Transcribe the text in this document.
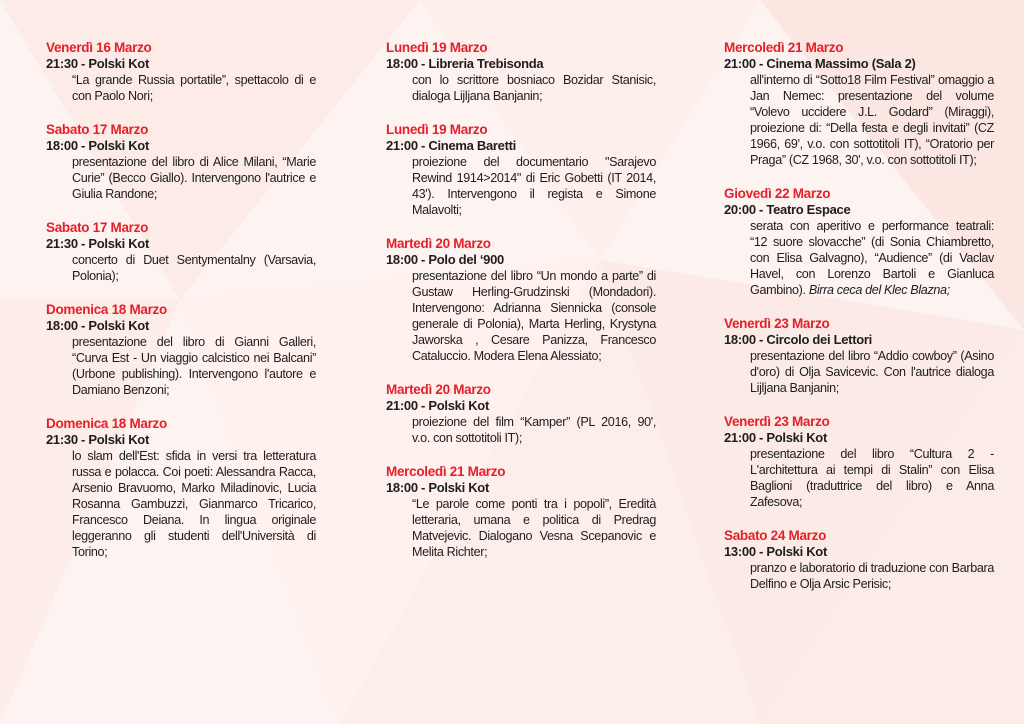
Venerdì 16 Marzo
21:30 - Polski Kot
“La grande Russia portatile”, spettacolo di e con Paolo Nori;
Sabato 17 Marzo
18:00 - Polski Kot
presentazione del libro di Alice Milani, “Marie Curie” (Becco Giallo). Intervengono l'autrice e Giulia Randone;
Sabato 17 Marzo
21:30 - Polski Kot
concerto di Duet Sentymentalny (Varsavia, Polonia);
Domenica 18 Marzo
18:00 - Polski Kot
presentazione del libro di Gianni Galleri, “Curva Est - Un viaggio calcistico nei Balcani” (Urbone publishing). Intervengono l'autore e Damiano Benzoni;
Domenica 18 Marzo
21:30 - Polski Kot
lo slam dell'Est: sfida in versi tra letteratura russa e polacca. Coi poeti: Alessandra Racca, Arsenio Bravuomo, Marko Miladinovic, Lucia Rosanna Gambuzzi, Gianmarco Tricarico, Francesco Deiana. In lingua originale leggeranno gli studenti dell'Università di Torino;
Lunedì 19 Marzo
18:00 - Libreria Trebisonda
con lo scrittore bosniaco Bozidar Stanisic, dialoga Lijljana Banjanin;
Lunedì 19 Marzo
21:00 - Cinema Baretti
proiezione del documentario "Sarajevo Rewind 1914>2014" di Eric Gobetti (IT 2014, 43'). Intervengono il regista e Simone Malavolti;
Martedì 20 Marzo
18:00 - Polo del ‘900
presentazione del libro “Un mondo a parte” di Gustaw Herling-Grudzinski (Mondadori). Intervengono: Adrianna Siennicka (console generale di Polonia), Marta Herling, Krystyna Jaworska , Cesare Panizza, Francesco Cataluccio. Modera Elena Alessiato;
Martedì 20 Marzo
21:00 - Polski Kot
proiezione del film “Kamper” (PL 2016, 90', v.o. con sottotitoli IT);
Mercoledì 21 Marzo
18:00 - Polski Kot
“Le parole come ponti tra i popoli”, Eredità letteraria, umana e politica di Predrag Matvejevic. Dialogano Vesna Scepanovic e Melita Richter;
Mercoledì 21 Marzo
21:00 - Cinema Massimo (Sala 2)
all'interno di “Sotto18 Film Festival” omaggio a Jan Nemec: presentazione del volume “Volevo uccidere J.L. Godard” (Miraggi), proiezione di: “Della festa e degli invitati” (CZ 1966, 69', v.o. con sottotitoli IT), “Oratorio per Praga” (CZ 1968, 30', v.o. con sottotitoli IT);
Giovedì 22 Marzo
20:00 - Teatro Espace
serata con aperitivo e performance teatrali: “12 suore slovacche” (di Sonia Chiambretto, con Elisa Galvagno), “Audience” (di Vaclav Havel, con Lorenzo Bartoli e Gianluca Gambino). Birra ceca del Klec Blazna;
Venerdì 23 Marzo
18:00 - Circolo dei Lettori
presentazione del libro “Addio cowboy” (Asino d'oro) di Olja Savicevic. Con l'autrice dialoga Lijljana Banjanin;
Venerdì 23 Marzo
21:00 - Polski Kot
presentazione del libro “Cultura 2 - L'architettura ai tempi di Stalin” con Elisa Baglioni (traduttrice del libro) e Anna Zafesova;
Sabato 24 Marzo
13:00 - Polski Kot
pranzo e laboratorio di traduzione con Barbara Delfino e Olja Arsic Perisic;
